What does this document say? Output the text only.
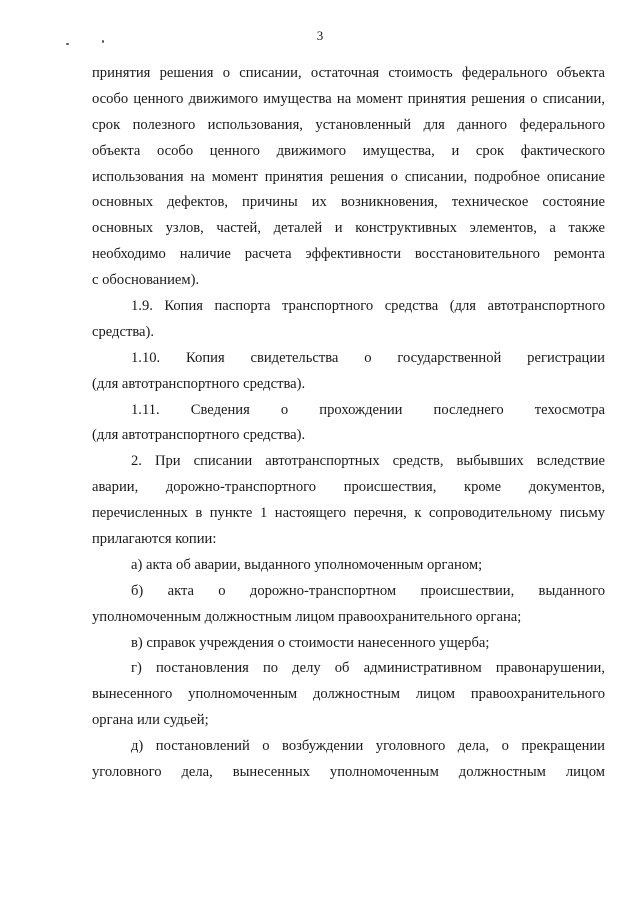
3
принятия решения о списании, остаточная стоимость федерального объекта
особо ценного движимого имущества на момент принятия решения о списании,
срок полезного использования, установленный для данного федерального
объекта особо ценного движимого имущества, и срок фактического
использования на момент принятия решения о списании, подробное описание
основных дефектов, причины их возникновения, техническое состояние
основных узлов, частей, деталей и конструктивных элементов, а также
необходимо наличие расчета эффективности восстановительного ремонта
с обоснованием).
1.9. Копия паспорта транспортного средства (для автотранспортного
средства).
1.10. Копия свидетельства о государственной регистрации
(для автотранспортного средства).
1.11. Сведения о прохождении последнего техосмотра
(для автотранспортного средства).
2. При списании автотранспортных средств, выбывших вследствие
аварии, дорожно-транспортного происшествия, кроме документов,
перечисленных в пункте 1 настоящего перечня, к сопроводительному письму
прилагаются копии:
а) акта об аварии, выданного уполномоченным органом;
б) акта о дорожно-транспортном происшествии, выданного
уполномоченным должностным лицом правоохранительного органа;
в) справок учреждения о стоимости нанесенного ущерба;
г) постановления по делу об административном правонарушении,
вынесенного уполномоченным должностным лицом правоохранительного
органа или судьей;
д) постановлений о возбуждении уголовного дела, о прекращении
уголовного дела, вынесенных уполномоченным должностным лицом
